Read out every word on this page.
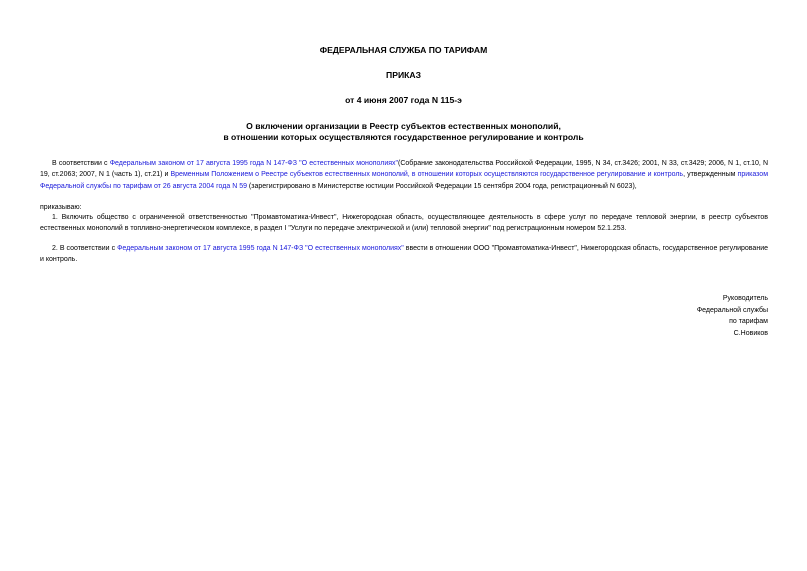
ФЕДЕРАЛЬНАЯ СЛУЖБА ПО ТАРИФАМ
ПРИКАЗ
от 4 июня 2007 года N 115-э
О включении организации в Реестр субъектов естественных монополий,
в отношении которых осуществляются государственное регулирование и контроль
В соответствии с Федеральным законом от 17 августа 1995 года N 147-ФЗ "О естественных монополиях"(Собрание законодательства Российской Федерации, 1995, N 34, ст.3426; 2001, N 33, ст.3429; 2006, N 1, ст.10, N 19, ст.2063; 2007, N 1 (часть 1), ст.21) и Временным Положением о Реестре субъектов естественных монополий, в отношении которых осуществляются государственное регулирование и контроль, утвержденным приказом Федеральной службы по тарифам от 26 августа 2004 года N 59 (зарегистрировано в Министерстве юстиции Российской Федерации 15 сентября 2004 года, регистрационный N 6023),
приказываю:
1. Включить общество с ограниченной ответственностью "Промавтоматика-Инвест", Нижегородская область, осуществляющее деятельность в сфере услуг по передаче тепловой энергии, в реестр субъектов естественных монополий в топливно-энергетическом комплексе, в раздел I "Услуги по передаче электрической и (или) тепловой энергии" под регистрационным номером 52.1.253.
2. В соответствии с Федеральным законом от 17 августа 1995 года N 147-ФЗ "О естественных монополиях" ввести в отношении ООО "Промавтоматика-Инвест", Нижегородская область, государственное регулирование и контроль.
Руководитель
Федеральной службы
по тарифам
С.Новиков
